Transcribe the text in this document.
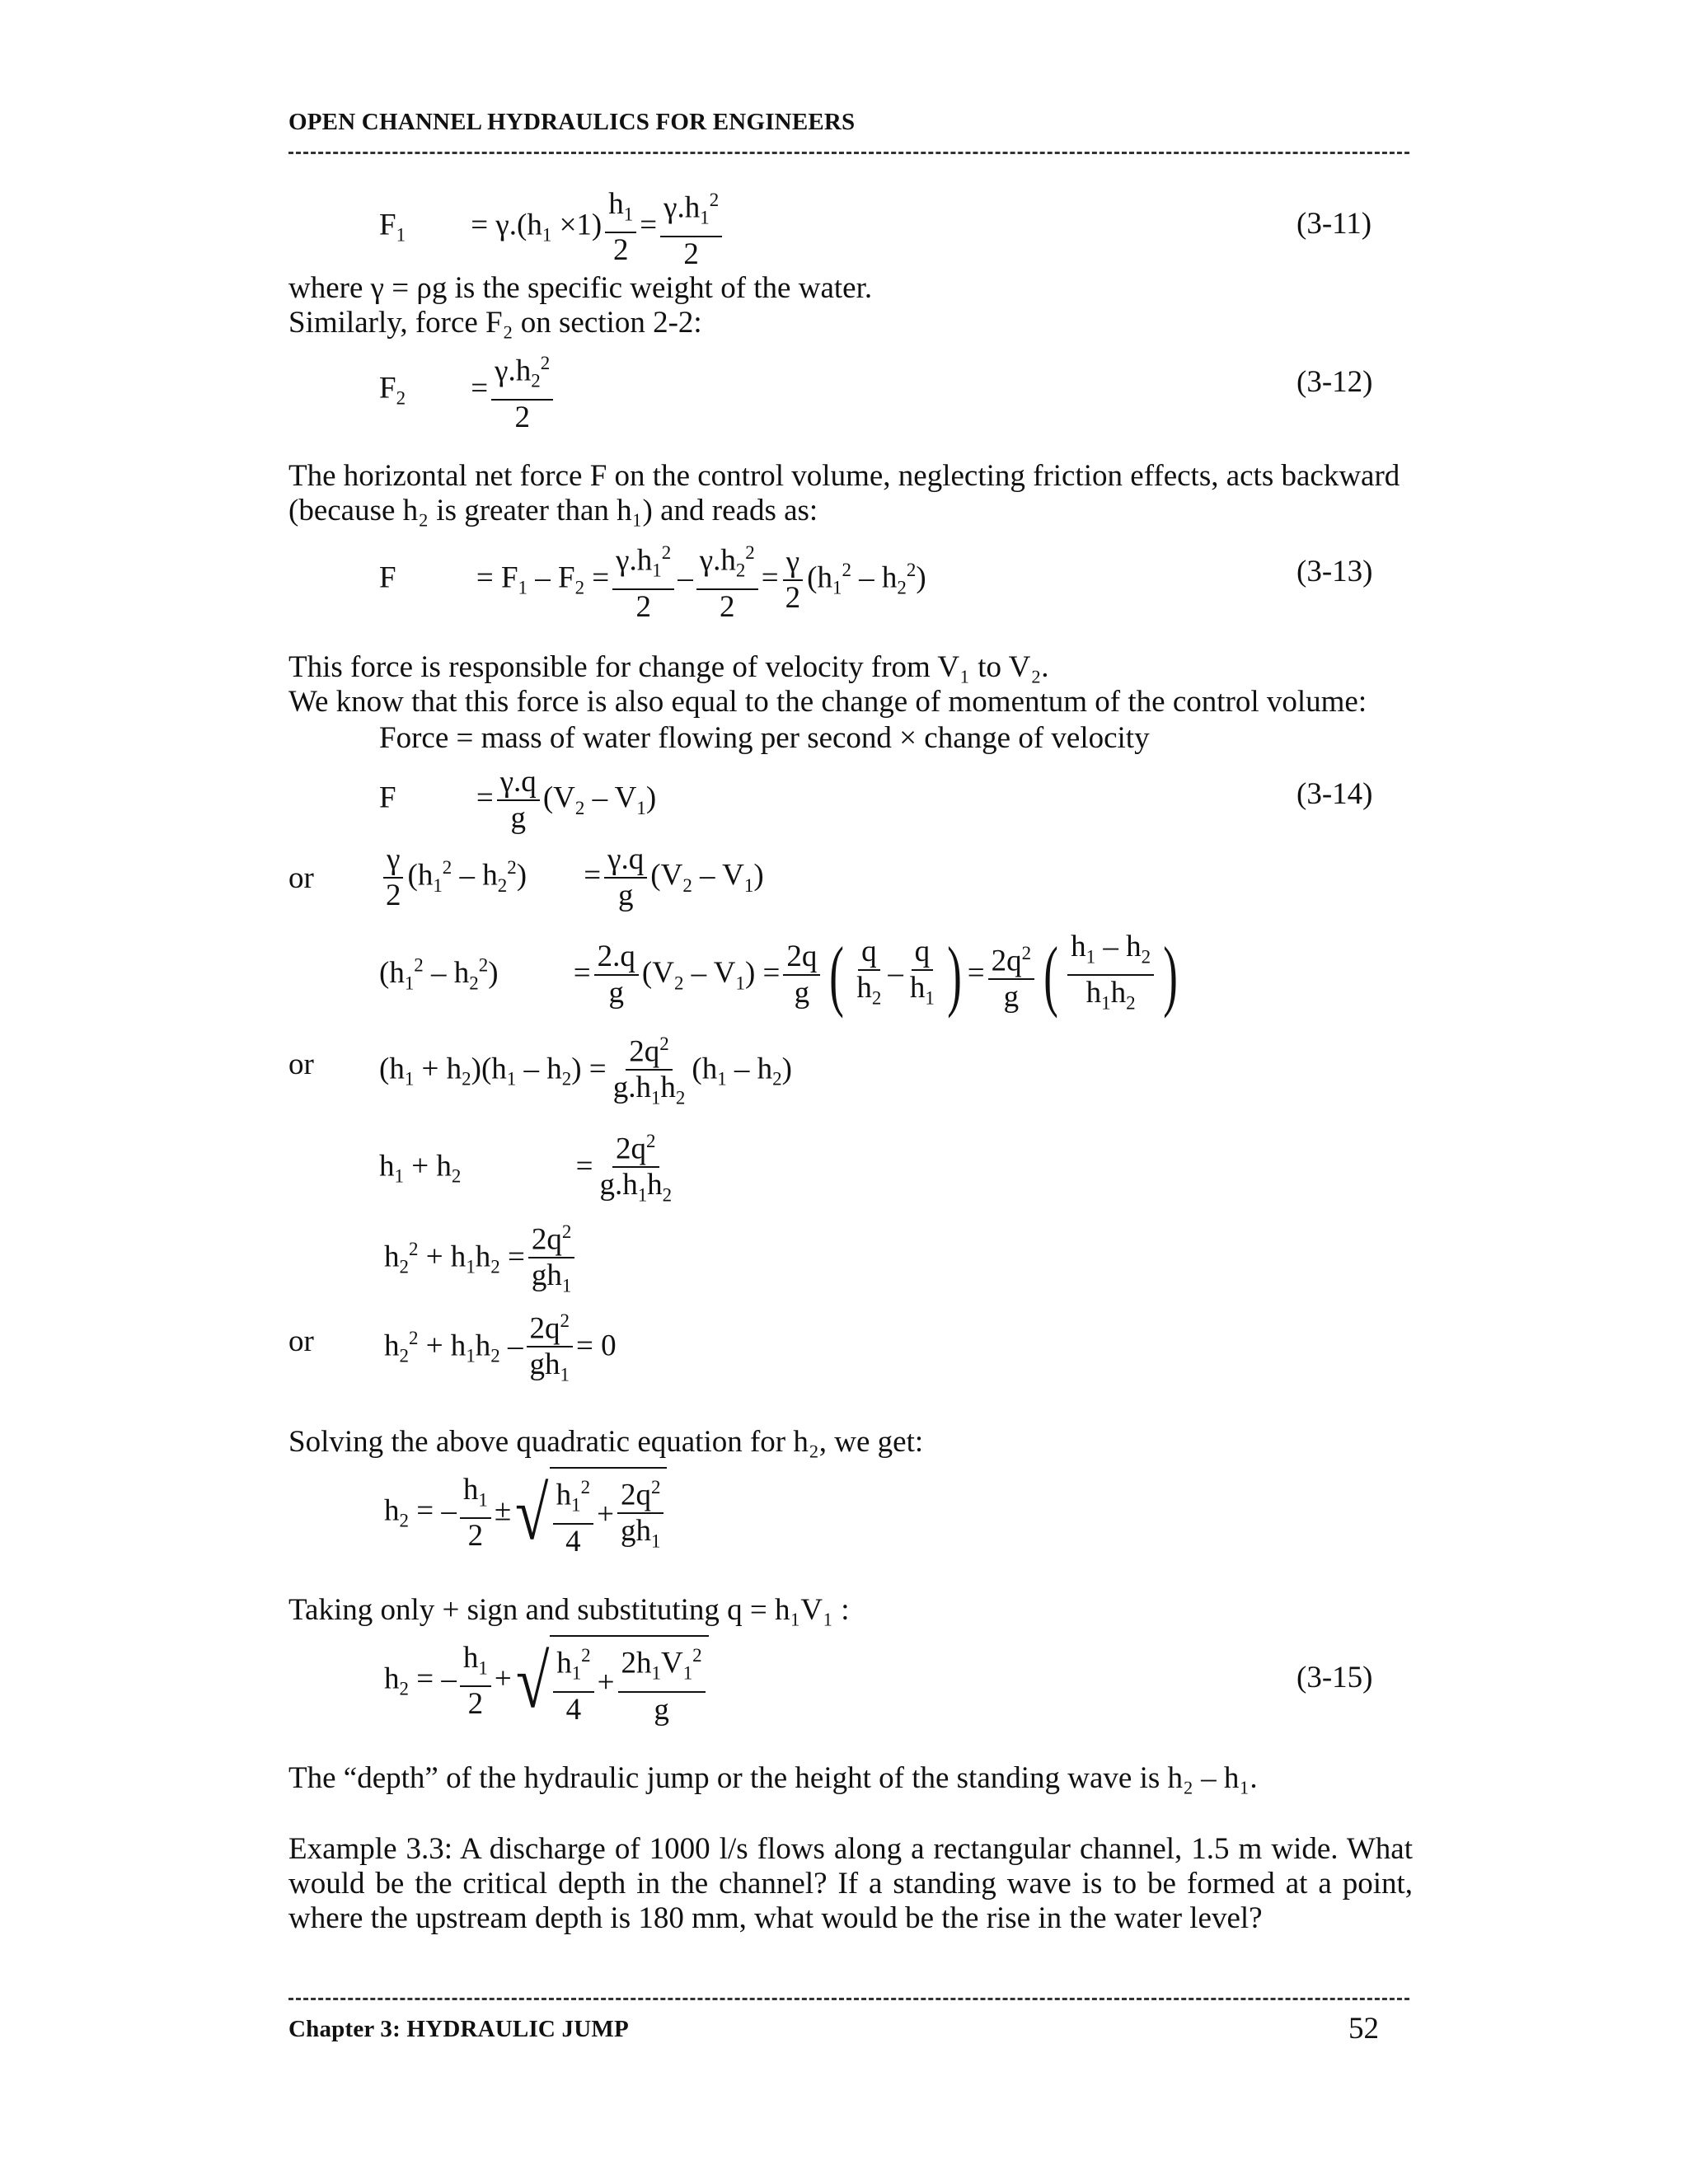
OPEN CHANNEL HYDRAULICS FOR ENGINEERS
$F_1 = \gamma.(h_1 \times 1) \frac{h_1}{2} = \frac{\gamma.h_1^2}{2}$	(3-11)
where γ = ρg is the specific weight of the water.
Similarly, force F₂ on section 2-2:
$F_2 = \frac{\gamma.h_2^2}{2}$	(3-12)
The horizontal net force F on the control volume, neglecting friction effects, acts backward
(because h₂ is greater than h₁) and reads as:
$F = F_1 - F_2 = \frac{\gamma.h_1^2}{2} - \frac{\gamma.h_2^2}{2} = \frac{\gamma}{2} (h_1^2 - h_2^2)$	(3-13)
This force is responsible for change of velocity from V₁ to V₂.
We know that this force is also equal to the change of momentum of the control volume:
Force = mass of water flowing per second × change of velocity
$F = \frac{\gamma.q}{g} (V_2 - V_1)$	(3-14)
or $\frac{\gamma}{2} (h_1^2 - h_2^2) = \frac{\gamma.q}{g} (V_2 - V_1)$
$(h_1^2 - h_2^2) = \frac{2.q}{g} (V_2 - V_1) = \frac{2q}{g}$ ( $\frac{q}{h_2} - \frac{q}{h_1}$ ) = $\frac{2q^2}{g}$ ( $\frac{h_1 - h_2}{h_1h_2}$ )
or $(h_1 + h_2)(h_1 - h_2) = \frac{2q^2}{g.h_1h_2} (h_1 - h_2)$
$h_1 + h_2$	= $\frac{2q^2}{g.h_1h_2}$
$h_2^2 + h_1h_2 = \frac{2q^2}{gh_1}$
or $h_2^2 + h_1h_2 - \frac{2q^2}{gh_1} = 0$
Solving the above quadratic equation for h₂, we get:
$h_2$ = – $\frac{h_1}{2}$ ± √ $\frac{h_1^2}{4} + \frac{2q^2}{gh_1}$
Taking only + sign and substituting q = h₁V₁ :
$h_2$ = – $\frac{h_1}{2}$ + √ $\frac{h_1^2}{4} + \frac{2h_1V_1^2}{g}$	(3-15)
The “depth” of the hydraulic jump or the height of the standing wave is h₂ – h₁.
Example 3.3: A discharge of 1000 l/s flows along a rectangular channel, 1.5 m wide. What
would be the critical depth in the channel? If a standing wave is to be formed at a point,
where the upstream depth is 180 mm, what would be the rise in the water level?
Chapter 3: HYDRAULIC JUMP	52
